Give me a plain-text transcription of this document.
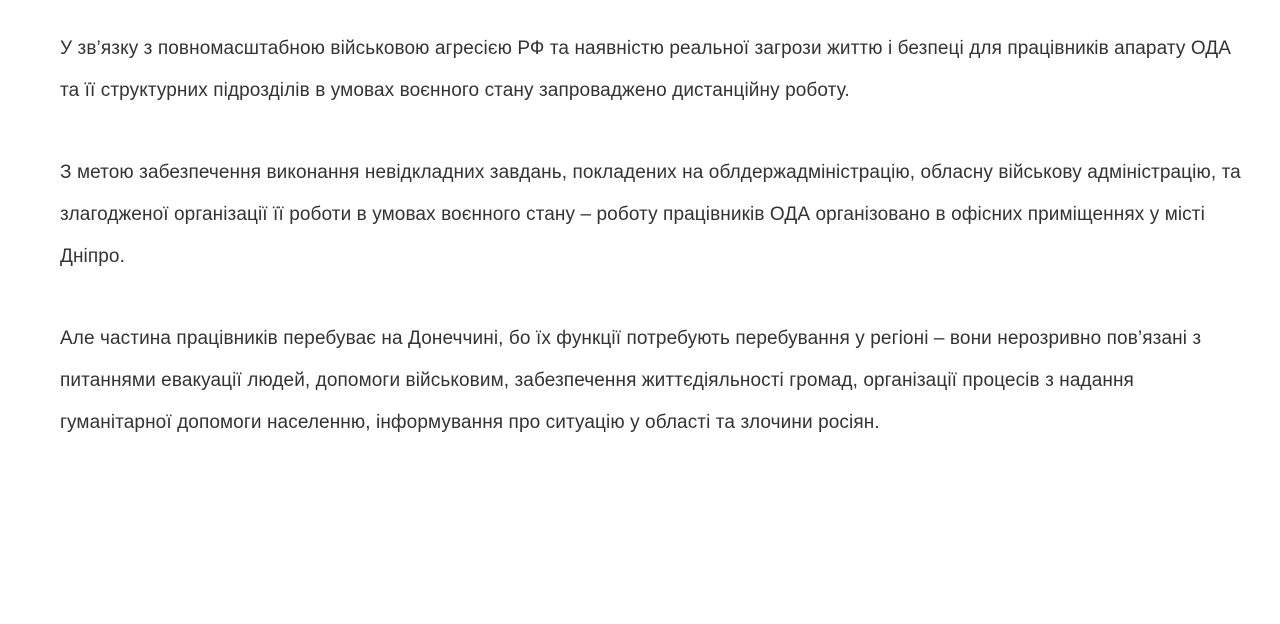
У зв’язку з повномасштабною військовою агресією РФ та наявністю реальної загрози життю і безпеці для працівників апарату ОДА та її структурних підрозділів в умовах воєнного стану запроваджено дистанційну роботу.

З метою забезпечення виконання невідкладних завдань, покладених на облдержадміністрацію, обласну військову адміністрацію, та злагодженої організації її роботи в умовах воєнного стану – роботу працівників ОДА організовано в офісних приміщеннях у місті Дніпро.

Але частина працівників перебуває на Донеччині, бо їх функції потребують перебування у регіоні – вони нерозривно пов’язані з питаннями евакуації людей, допомоги військовим, забезпечення життєдіяльності громад, організації процесів з надання гуманітарної допомоги населенню, інформування про ситуацію у області та злочини росіян.
